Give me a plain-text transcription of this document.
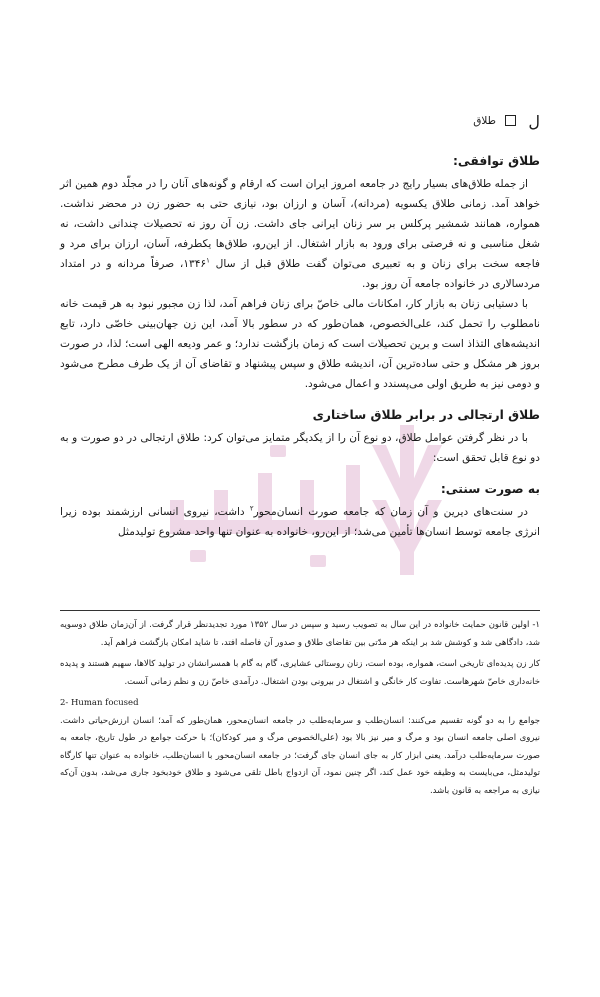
ل
طلاق
طلاق توافقی:

از جمله طلاق‌های بسیار رایج در جامعه امروز ایران است که ارقام و گونه‌های آنان را در مجلّد دوم همین اثر خواهد آمد. زمانی طلاق یکسویه (مردانه)، آسان و ارزان بود، نیازی حتی به حضور زن در محضر نداشت. همواره، همانند شمشیر پرکلس بر سر زنان ایرانی جای داشت. زن آن روز نه تحصیلات چندانی داشت، نه شغل مناسبی و نه فرصتی برای ورود به بازار اشتغال. از این‌رو، طلاق‌ها یکطرفه، آسان، ارزان برای مرد و فاجعه سخت برای زنان و به تعبیری می‌توان گفت طلاق قبل از سال ۱۳۴۶$^۱$، صرفاً مردانه و در امتداد مردسالاری در خانواده جامعه آن روز بود.

با دستیابی زنان به بازار کار، امکانات مالی خاصّ برای زنان فراهم آمد، لذا زن مجبور نبود به هر قیمت خانه نامطلوب را تحمل کند، علی‌الخصوص، همان‌طور که در سطور بالا آمد، این زن جهان‌بینی خاصّی دارد، تابع اندیشه‌های التذاذ است و برین تحصیلات است که زمان بازگشت ندارد؛ و عمر ودیعه الهی است؛ لذا، در صورت بروز هر مشکل و حتی ساده‌ترین آن، اندیشه طلاق و سپس پیشنهاد و تقاضای آن از یک طرف مطرح می‌شود و دومی نیز به طریق اولی می‌پسندد و اعمال می‌شود.

طلاق ارتجالی در برابر طلاق ساختاری

با در نظر گرفتن عوامل طلاق، دو نوع آن را از یکدیگر متمایز می‌توان کرد: طلاق ارتجالی در دو صورت و به دو نوع قابل تحقق است:

به صورت سنتی:

در سنت‌های دیرین و آن زمان که جامعه صورت انسان‌محور$^۲$ داشت، نیروی انسانی ارزشمند بوده زیرا انرژی جامعه توسط انسان‌ها تأمین می‌شد؛ از این‌رو، خانواده به عنوان تنها واحد مشروع تولیدمثل

۱- اولین قانون حمایت خانواده در این سال به تصویب رسید و سپس در سال ۱۳۵۲ مورد تجدیدنظر قرار گرفت. از آن‌زمان طلاق دوسویه شد، دادگاهی شد و کوشش شد بر اینکه هر مدّتی بین تقاضای طلاق و صدور آن فاصله افتد، تا شاید امکان بازگشت فراهم آید.

کار زن پدیده‌ای تاریخی است، همواره، بوده است، زنان روستائی عشایری، گام به گام با همسرانشان در تولید کالاها، سهیم هستند و پدیده خانه‌داری خاصّ شهرهاست. تفاوت کار خانگی و اشتغال در بیرونی بودن اشتغال. درآمدی خاصّ زن و نظم زمانی آنست.

2- Human focused

جوامع را به دو گونه تقسیم می‌کنند: انسان‌طلب و سرمایه‌طلب در جامعه انسان‌محور، همان‌طور که آمد؛ انسان ارزش‌حیاتی داشت. نیروی اصلی جامعه انسان بود و مرگ و میر نیز بالا بود (علی‌الخصوص مرگ و میر کودکان)؛ با حرکت جوامع در طول تاریخ، جامعه به صورت سرمایه‌طلب درآمد. یعنی ابزار کار به جای انسان جای گرفت؛ در جامعه انسان‌محور با انسان‌طلب، خانواده به عنوان تنها کارگاه تولیدمثل، می‌بایست به وظیفه خود عمل کند، اگر چنین نمود، آن ازدواج باطل تلقی می‌شود و طلاق خودبخود جاری می‌شد، بدون آن‌که نیازی به مراجعه به قانون باشد.
